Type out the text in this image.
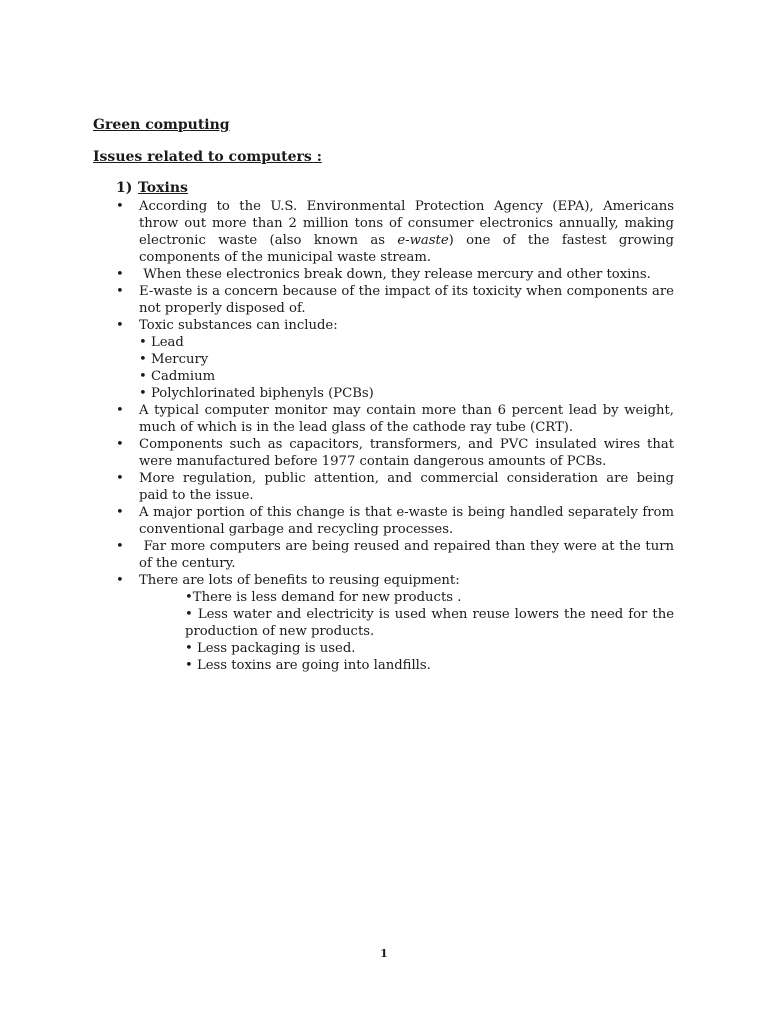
Green computing
Issues related to computers :
1) Toxins
• According to the U.S. Environmental Protection Agency (EPA), Americans throw out more than 2 million tons of consumer electronics annually, making electronic waste (also known as e-waste) one of the fastest growing components of the municipal waste stream.
•  When these electronics break down, they release mercury and other toxins.
• E-waste is a concern because of the impact of its toxicity when components are not properly disposed of.
• Toxic substances can include:
• Lead
• Mercury
• Cadmium
• Polychlorinated biphenyls (PCBs)
• A typical computer monitor may contain more than 6 percent lead by weight, much of which is in the lead glass of the cathode ray tube (CRT).
• Components such as capacitors, transformers, and PVC insulated wires that were manufactured before 1977 contain dangerous amounts of PCBs.
• More regulation, public attention, and commercial consideration are being paid to the issue.
• A major portion of this change is that e-waste is being handled separately from conventional garbage and recycling processes.
•  Far more computers are being reused and repaired than they were at the turn of the century.
• There are lots of benefits to reusing equipment:
•There is less demand for new products .
• Less water and electricity is used when reuse lowers the need for the production of new products.
• Less packaging is used.
• Less toxins are going into landfills.
1
